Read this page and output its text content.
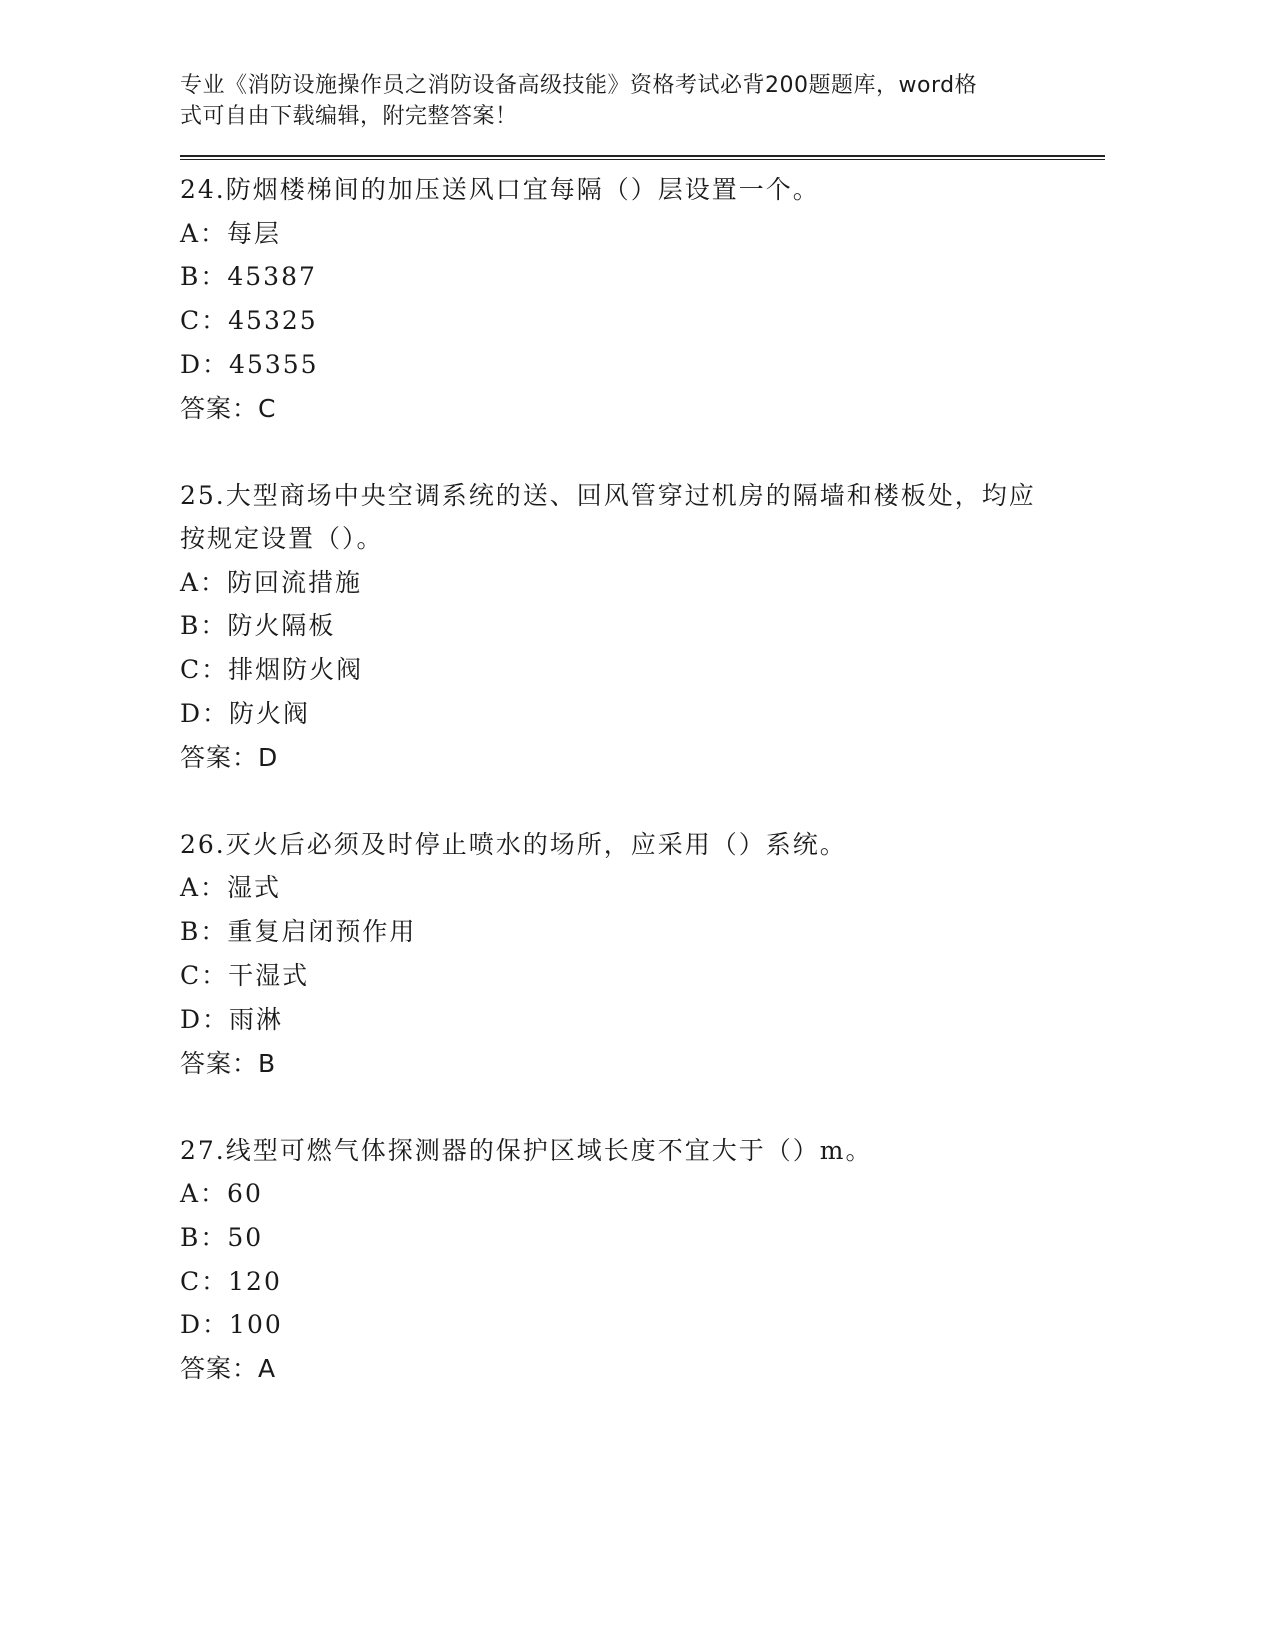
专业《消防设施操作员之消防设备高级技能》资格考试必背200题题库，word格
式可自由下载编辑，附完整答案！
24.防烟楼梯间的加压送风口宜每隔（）层设置一个。
A：每层
B：45387
C：45325
D：45355
答案：C
25.大型商场中央空调系统的送、回风管穿过机房的隔墙和楼板处，均应按规定设置（）。
A：防回流措施
B：防火隔板
C：排烟防火阀
D：防火阀
答案：D
26.灭火后必须及时停止喷水的场所，应采用（）系统。
A：湿式
B：重复启闭预作用
C：干湿式
D：雨淋
答案：B
27.线型可燃气体探测器的保护区域长度不宜大于（）m。
A：60
B：50
C：120
D：100
答案：A
